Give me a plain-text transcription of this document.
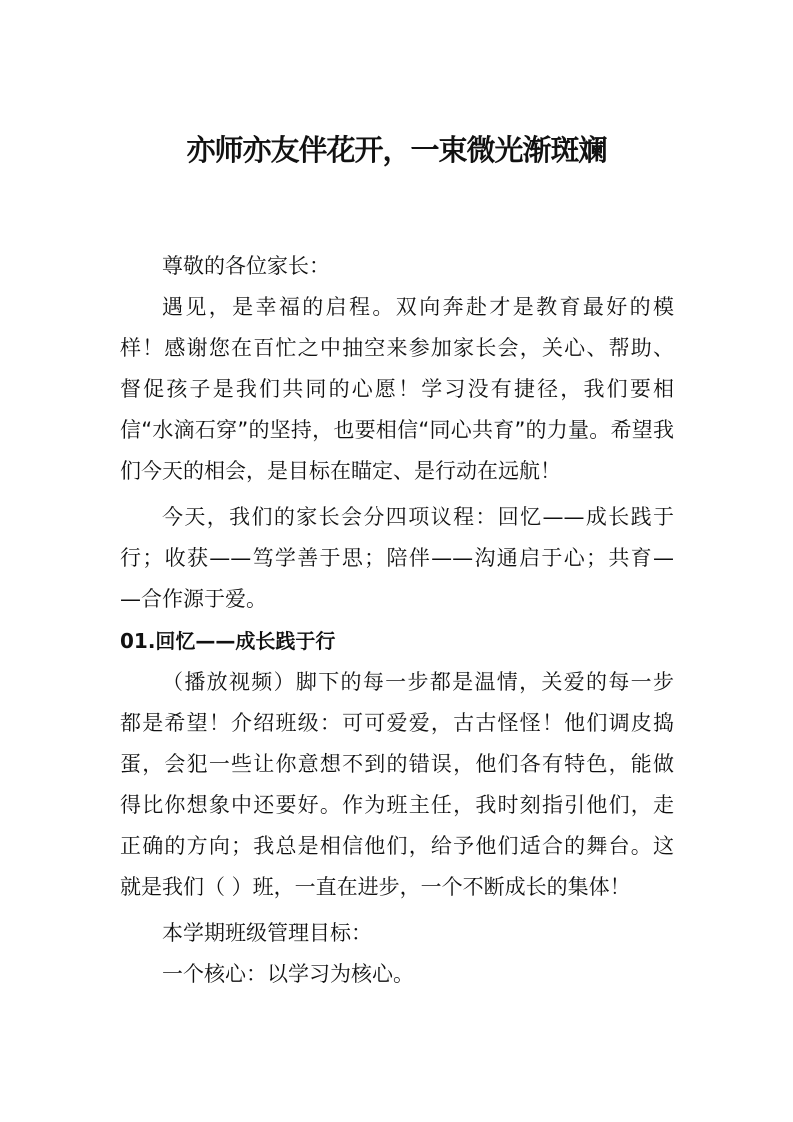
亦师亦友伴花开，一束微光渐斑斓
尊敬的各位家长：
遇见，是幸福的启程。双向奔赴才是教育最好的模
样！感谢您在百忙之中抽空来参加家长会，关心、帮助、
督促孩子是我们共同的心愿！学习没有捷径，我们要相
信“水滴石穿”的坚持，也要相信“同心共育”的力量。希望我
们今天的相会，是目标在瞄定、是行动在远航！
今天，我们的家长会分四项议程：回忆——成长践于
行；收获——笃学善于思；陪伴——沟通启于心；共育—
—合作源于爱。
01.回忆——成长践于行
（播放视频）脚下的每一步都是温情，关爱的每一步
都是希望！介绍班级：可可爱爱，古古怪怪！他们调皮捣
蛋，会犯一些让你意想不到的错误，他们各有特色，能做
得比你想象中还要好。作为班主任，我时刻指引他们，走
正确的方向；我总是相信他们，给予他们适合的舞台。这
就是我们（ ）班，一直在进步，一个不断成长的集体！
本学期班级管理目标：
一个核心：以学习为核心。
